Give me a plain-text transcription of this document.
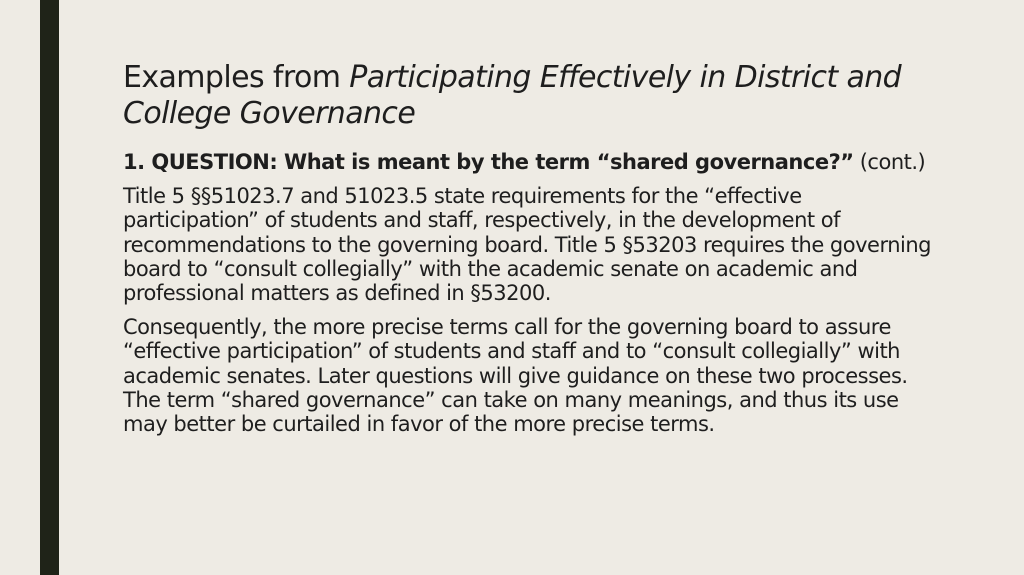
Examples from Participating Effectively in District and College Governance

1. QUESTION: What is meant by the term “shared governance?” (cont.)

Title 5 §§51023.7 and 51023.5 state requirements for the “effective participation” of students and staff, respectively, in the development of recommendations to the governing board. Title 5 §53203 requires the governing board to “consult collegially” with the academic senate on academic and professional matters as defined in §53200.

Consequently, the more precise terms call for the governing board to assure “effective participation” of students and staff and to “consult collegially” with academic senates. Later questions will give guidance on these two processes. The term “shared governance” can take on many meanings, and thus its use may better be curtailed in favor of the more precise terms.
